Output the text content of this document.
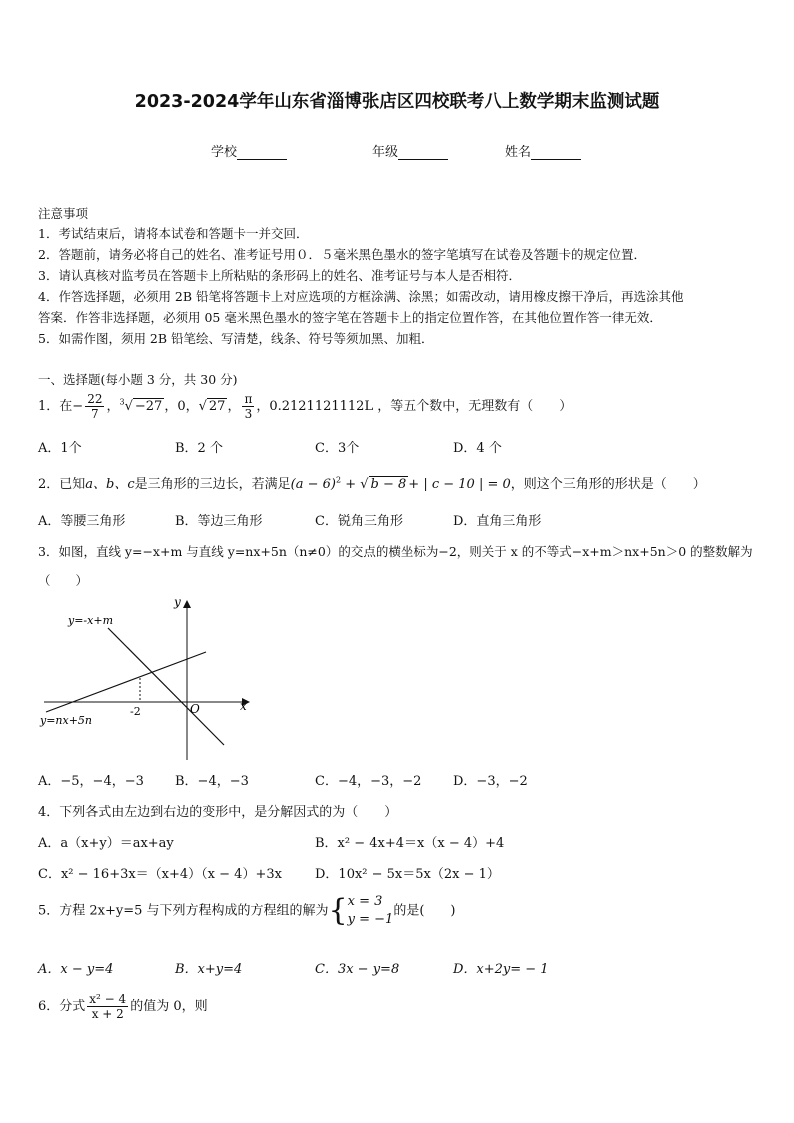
2023-2024学年山东省淄博张店区四校联考八上数学期末监测试题
学校	年级	姓名
注意事项
1．考试结束后，请将本试卷和答题卡一并交回．
2．答题前，请务必将自己的姓名、准考证号用０．５毫米黑色墨水的签字笔填写在试卷及答题卡的规定位置．
3．请认真核对监考员在答题卡上所粘贴的条形码上的姓名、准考证号与本人是否相符．
4．作答选择题，必须用 2B 铅笔将答题卡上对应选项的方框涂满、涂黑；如需改动，请用橡皮擦干净后，再选涂其他
答案．作答非选择题，必须用 05 毫米黑色墨水的签字笔在答题卡上的指定位置作答，在其他位置作答一律无效．
5．如需作图，须用 2B 铅笔绘、写清楚，线条、符号等须加黑、加粗．
一、选择题(每小题 3 分，共 30 分)
1．在− $\frac{22}{7}$ ，$^3$√ −27 ，0，√ 27 ， $\frac{\pi}{3}$ ，0.2121121112L ，等五个数中，无理数有（　　）
A．1个	B．2 个	C．3个	D．4 个
2．已知a、b、c是三角形的三边长，若满足$(a - 6)^2$ + √ b − 8 + | c − 10 | = 0，则这个三角形的形状是（　　）
A．等腰三角形	B．等边三角形	C．锐角三角形	D．直角三角形
3．如图，直线 y=−x+m 与直线 y=nx+5n（n≠0）的交点的横坐标为−2，则关于 x 的不等式−x+m＞nx+5n＞0 的整数解为
（　　）
y=-x+m
y=nx+5n
x
y
O
-2
A．−5，−4，−3 B．−4，−3	C．−4，−3，−2 D．−3，−2
4．下列各式由左边到右边的变形中，是分解因式的为（　　）
A．a（x+y）＝ax+ay	B．x² − 4x+4＝x（x − 4）+4
C．x² − 16+3x＝（x+4）（x − 4）+3x	D．10x² − 5x＝5x（2x − 1）
5．方程 2x+y=5 与下列方程构成的方程组的解为{ x = 3
y = −1
的是(　　)
A．x − y=4	B．x+y=4	C．3x − y=8	D．x+2y= − 1
6．分式 $\frac{\text{x² − 4}}{x + 2}$ 的值为 0，则
